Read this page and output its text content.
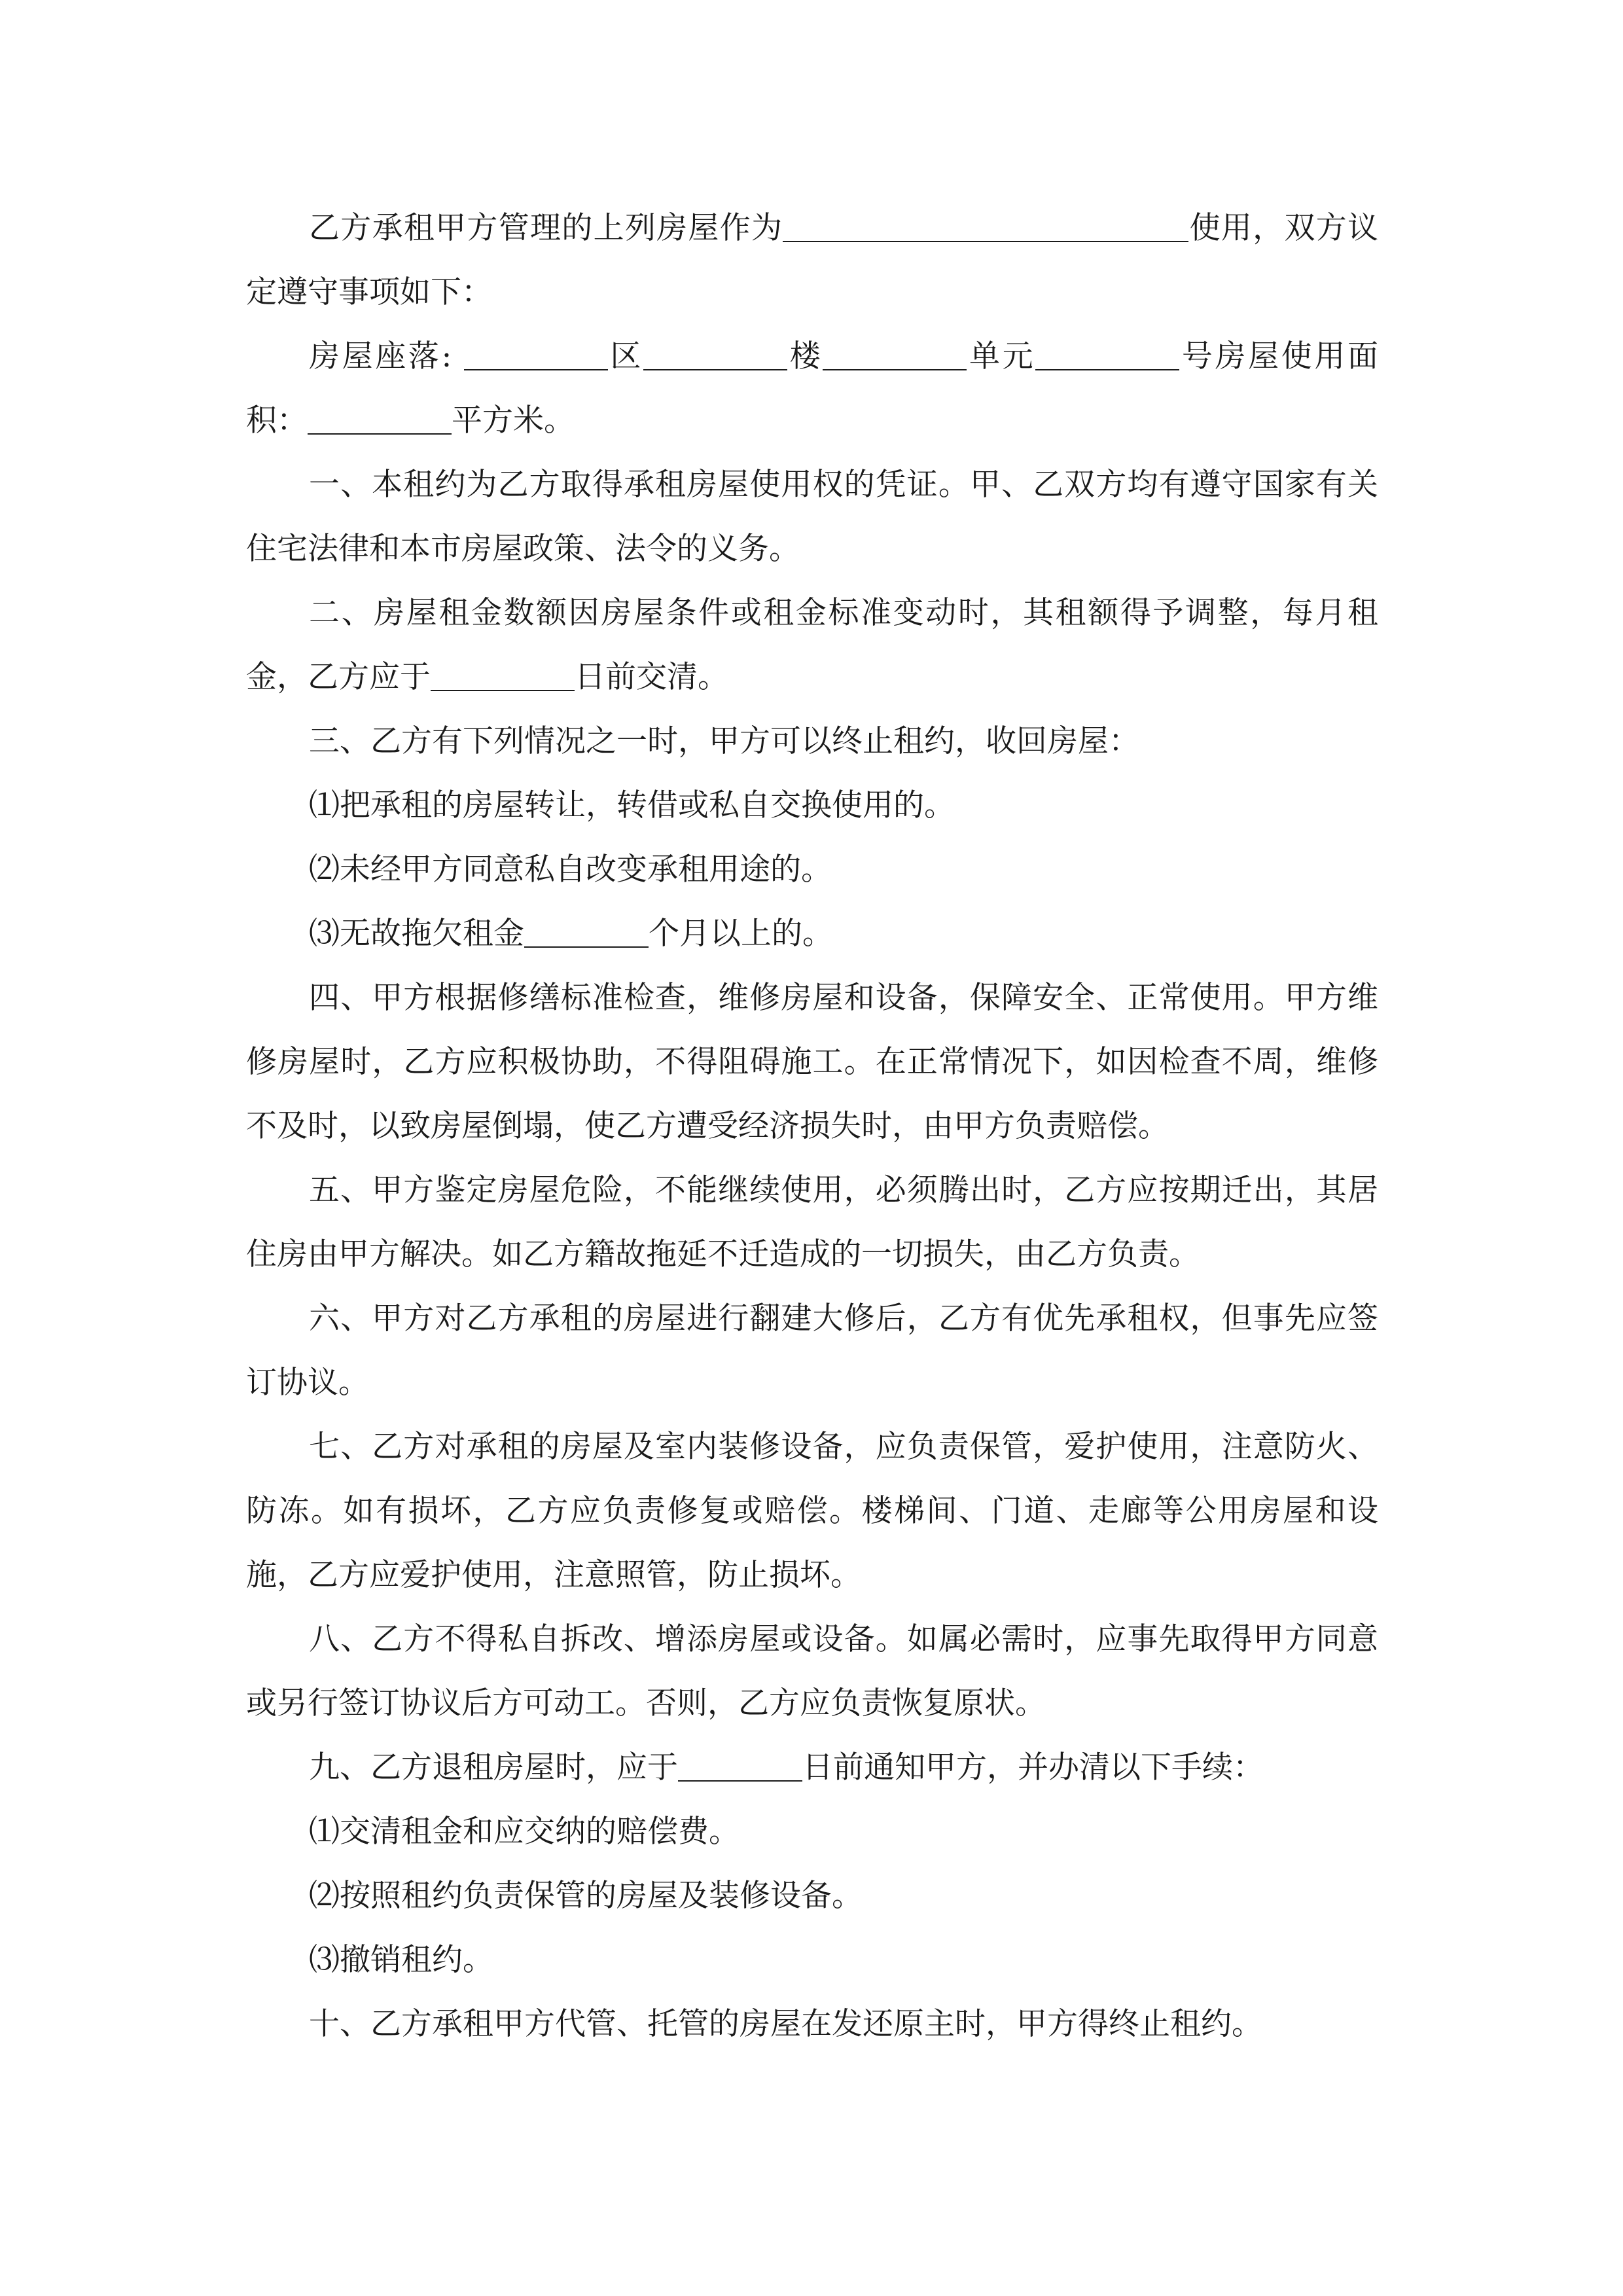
乙方承租甲方管理的上列房屋作为	使用，双方议定遵守事项如下：

房屋座落:	区	楼	单元	号房屋使用面积：	平方米。

一、本租约为乙方取得承租房屋使用权的凭证。甲、乙双方均有遵守国家有关住宅法律和本市房屋政策、法令的义务。

二、房屋租金数额因房屋条件或租金标准变动时，其租额得予调整，每月租金，乙方应于	日前交清。

三、乙方有下列情况之一时，甲方可以终止租约，收回房屋：

⑴把承租的房屋转让，转借或私自交换使用的。

⑵未经甲方同意私自改变承租用途的。

⑶无故拖欠租金	个月以上的。

四、甲方根据修缮标准检查，维修房屋和设备，保障安全、正常使用。甲方维修房屋时，乙方应积极协助，不得阻碍施工。在正常情况下，如因检查不周，维修不及时，以致房屋倒塌，使乙方遭受经济损失时，由甲方负责赔偿。

五、甲方鉴定房屋危险，不能继续使用，必须腾出时，乙方应按期迁出，其居住房由甲方解决。如乙方籍故拖延不迁造成的一切损失，由乙方负责。

六、甲方对乙方承租的房屋进行翻建大修后，乙方有优先承租权，但事先应签订协议。

七、乙方对承租的房屋及室内装修设备，应负责保管，爱护使用，注意防火、防冻。如有损坏，乙方应负责修复或赔偿。楼梯间、门道、走廊等公用房屋和设施，乙方应爱护使用，注意照管，防止损坏。

八、乙方不得私自拆改、增添房屋或设备。如属必需时，应事先取得甲方同意或另行签订协议后方可动工。否则，乙方应负责恢复原状。

九、乙方退租房屋时，应于	日前通知甲方，并办清以下手续：

⑴交清租金和应交纳的赔偿费。

⑵按照租约负责保管的房屋及装修设备。

⑶撤销租约。

十、乙方承租甲方代管、托管的房屋在发还原主时，甲方得终止租约。
